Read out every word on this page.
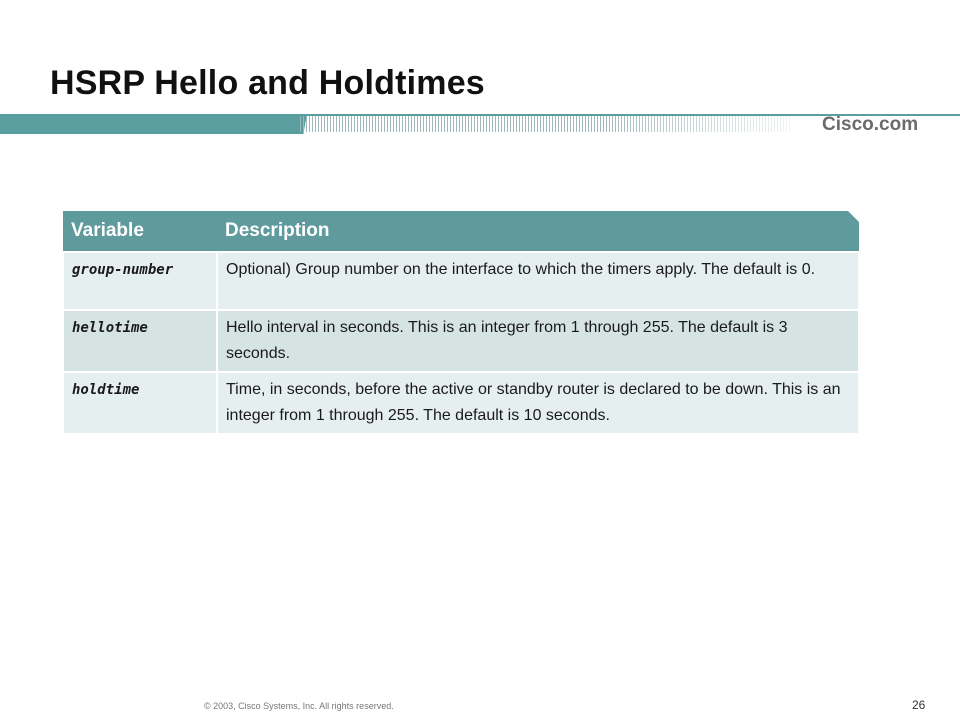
HSRP Hello and Holdtimes
Cisco.com
Variable	Description
group-number	Optional) Group number on the interface to which the timers apply. The default is 0.
hellotime	Hello interval in seconds. This is an integer from 1 through 255. The default is 3 seconds.
holdtime	Time, in seconds, before the active or standby router is declared to be down. This is an integer from 1 through 255. The default is 10 seconds.
© 2003, Cisco Systems, Inc. All rights reserved.	26
